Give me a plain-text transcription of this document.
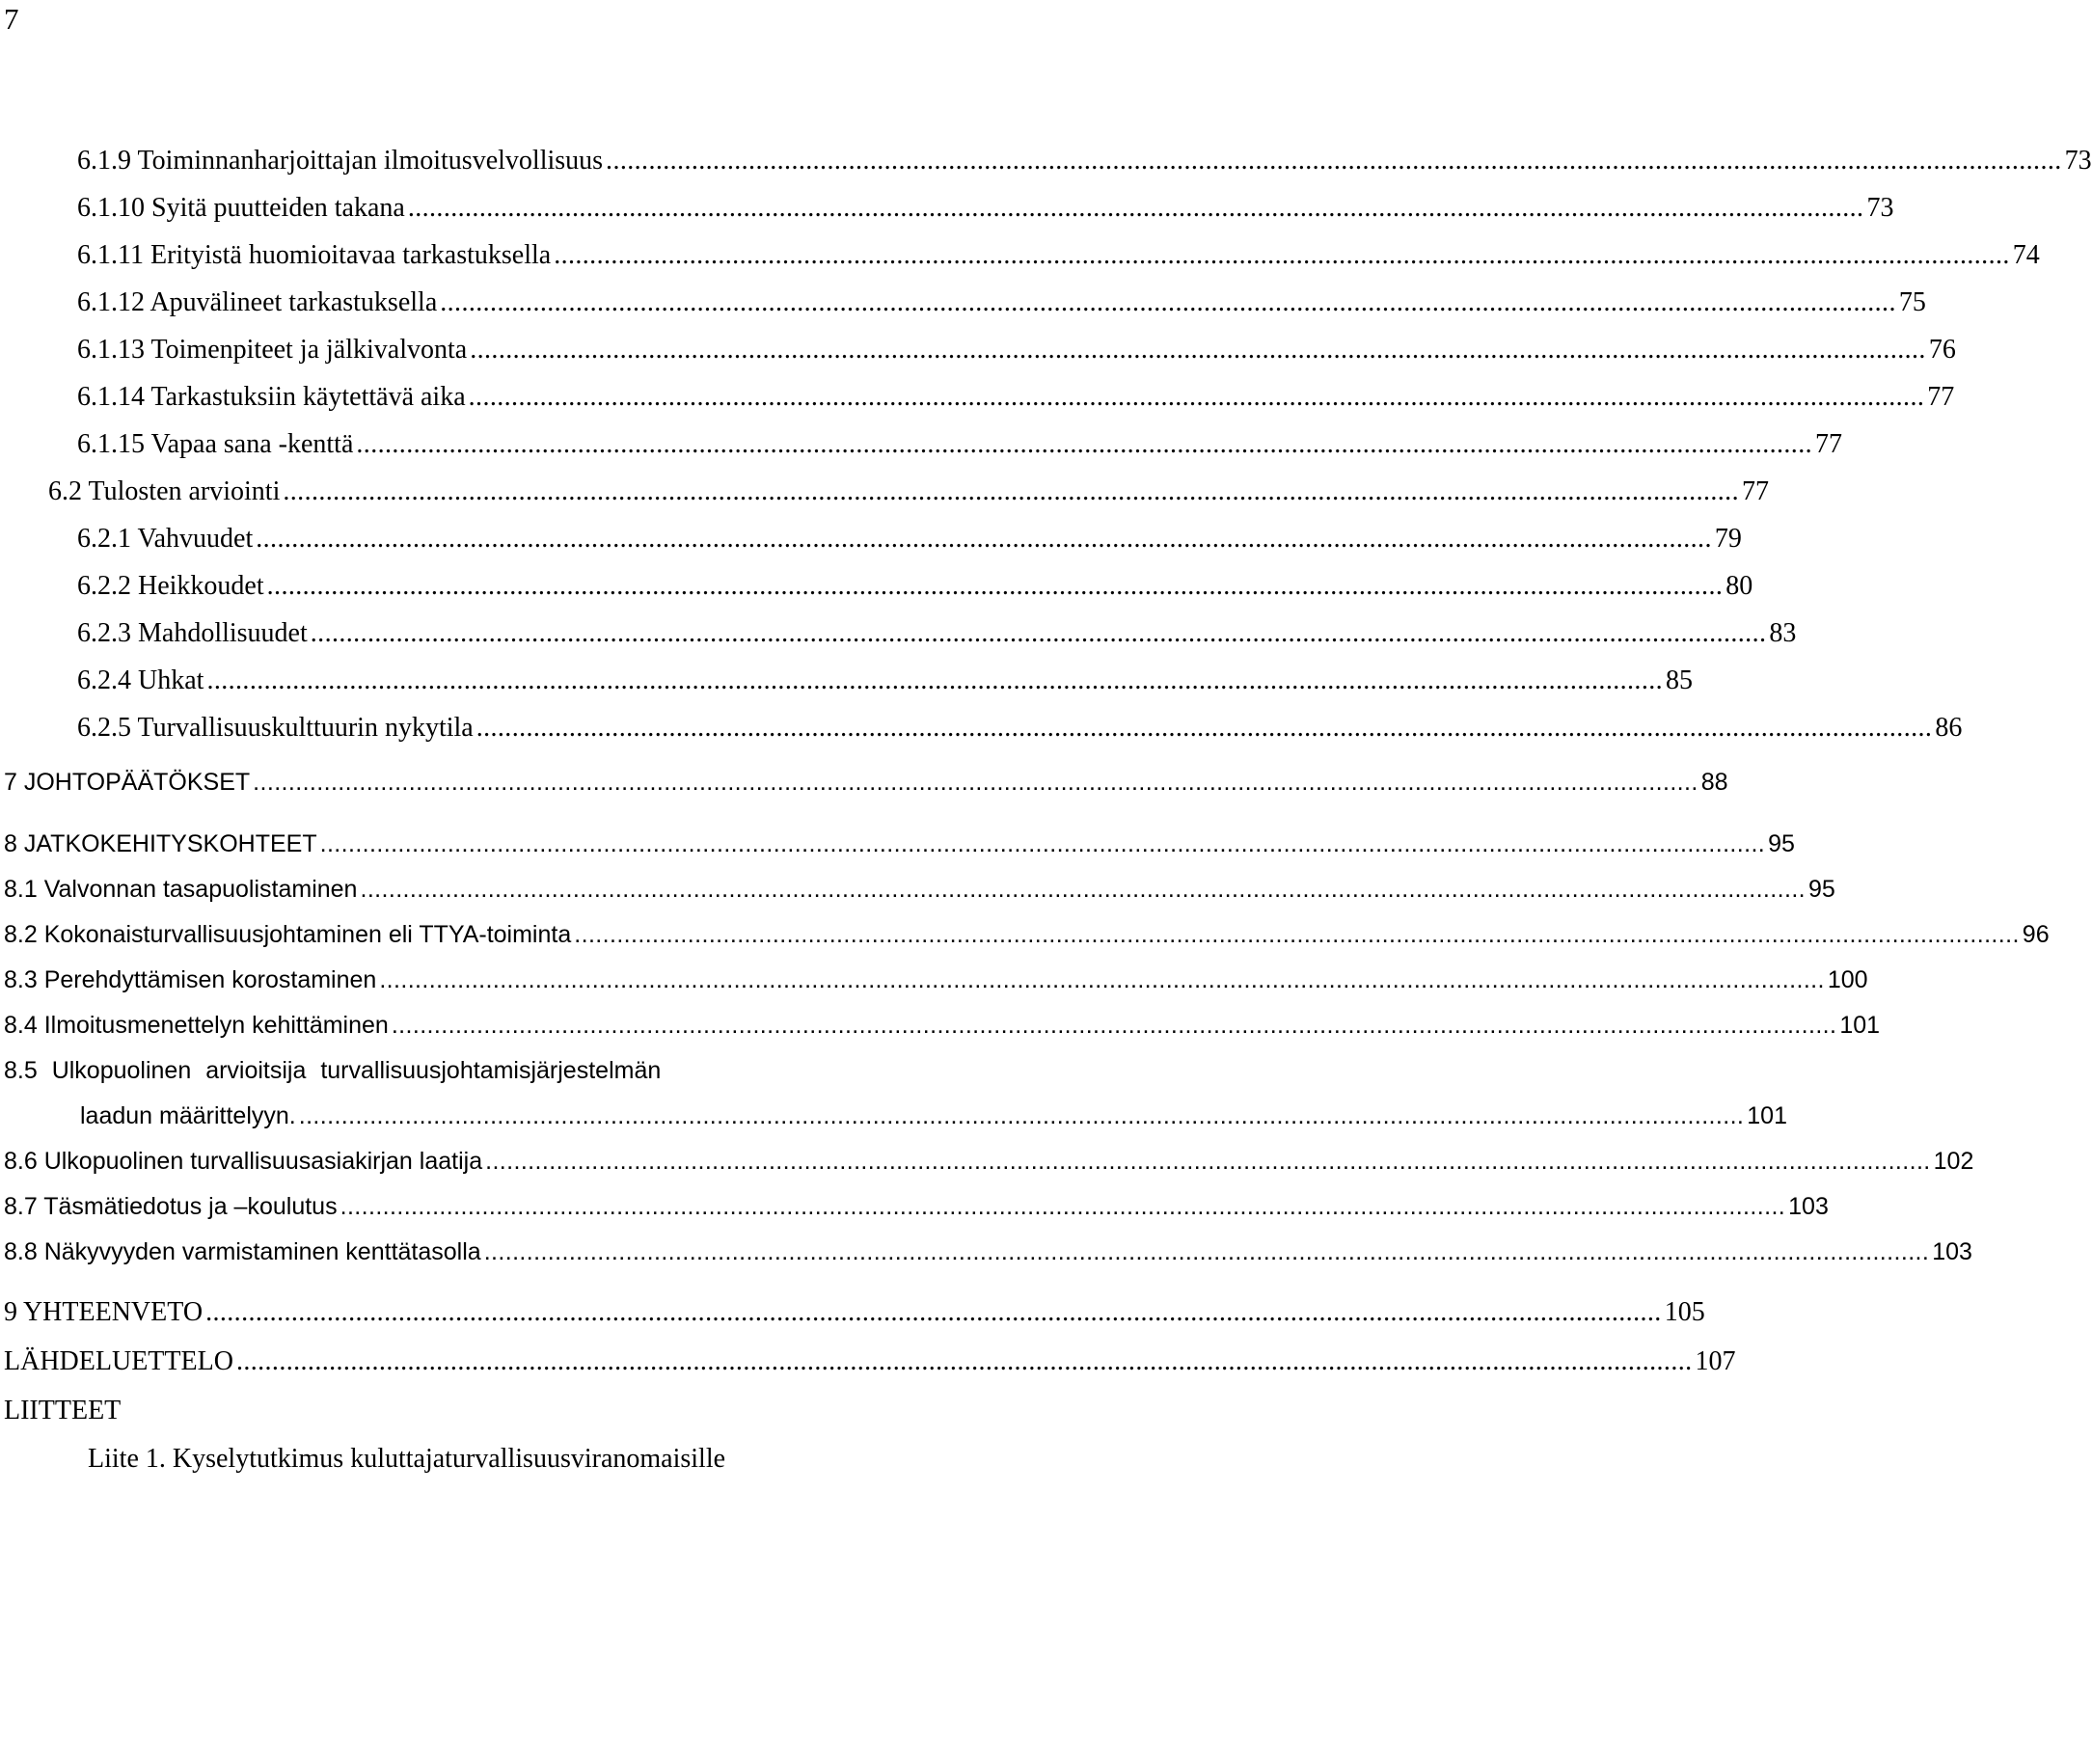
7
6.1.9 Toiminnanharjoittajan ilmoitusvelvollisuus ............................................................................................................................................................................................................ 73
6.1.10 Syitä puutteiden takana ............................................................................................................................................................................................................ 73
6.1.11 Erityistä huomioitavaa tarkastuksella ............................................................................................................................................................................................................ 74
6.1.12 Apuvälineet tarkastuksella ............................................................................................................................................................................................................ 75
6.1.13 Toimenpiteet ja jälkivalvonta ............................................................................................................................................................................................................ 76
6.1.14 Tarkastuksiin käytettävä aika ............................................................................................................................................................................................................ 77
6.1.15 Vapaa sana -kenttä ............................................................................................................................................................................................................ 77
6.2 Tulosten arviointi ............................................................................................................................................................................................................ 77
6.2.1 Vahvuudet ............................................................................................................................................................................................................ 79
6.2.2 Heikkoudet ............................................................................................................................................................................................................ 80
6.2.3 Mahdollisuudet ............................................................................................................................................................................................................ 83
6.2.4 Uhkat ............................................................................................................................................................................................................ 85
6.2.5 Turvallisuuskulttuurin nykytila ............................................................................................................................................................................................................ 86
7 JOHTOPÄÄTÖKSET ............................................................................................................................................................................................................ 88
8 JATKOKEHITYSKOHTEET ............................................................................................................................................................................................................ 95
8.1 Valvonnan tasapuolistaminen ............................................................................................................................................................................................................ 95
8.2 Kokonaisturvallisuusjohtaminen eli TTYA-toiminta ............................................................................................................................................................................................................ 96
8.3 Perehdyttämisen korostaminen ............................................................................................................................................................................................................ 100
8.4 Ilmoitusmenettelyn kehittäminen ............................................................................................................................................................................................................ 101
8.5 Ulkopuolinen arvioitsija turvallisuusjohtamisjärjestelmän
laadun määrittelyyn. ............................................................................................................................................................................................................ 101
8.6 Ulkopuolinen turvallisuusasiakirjan laatija ............................................................................................................................................................................................................ 102
8.7 Täsmätiedotus ja –koulutus ............................................................................................................................................................................................................ 103
8.8 Näkyvyyden varmistaminen kenttätasolla ............................................................................................................................................................................................................ 103
9 YHTEENVETO ............................................................................................................................................................................................................ 105
LÄHDELUETTELO ............................................................................................................................................................................................................ 107
LIITTEET
Liite 1. Kyselytutkimus kuluttajaturvallisuusviranomaisille
